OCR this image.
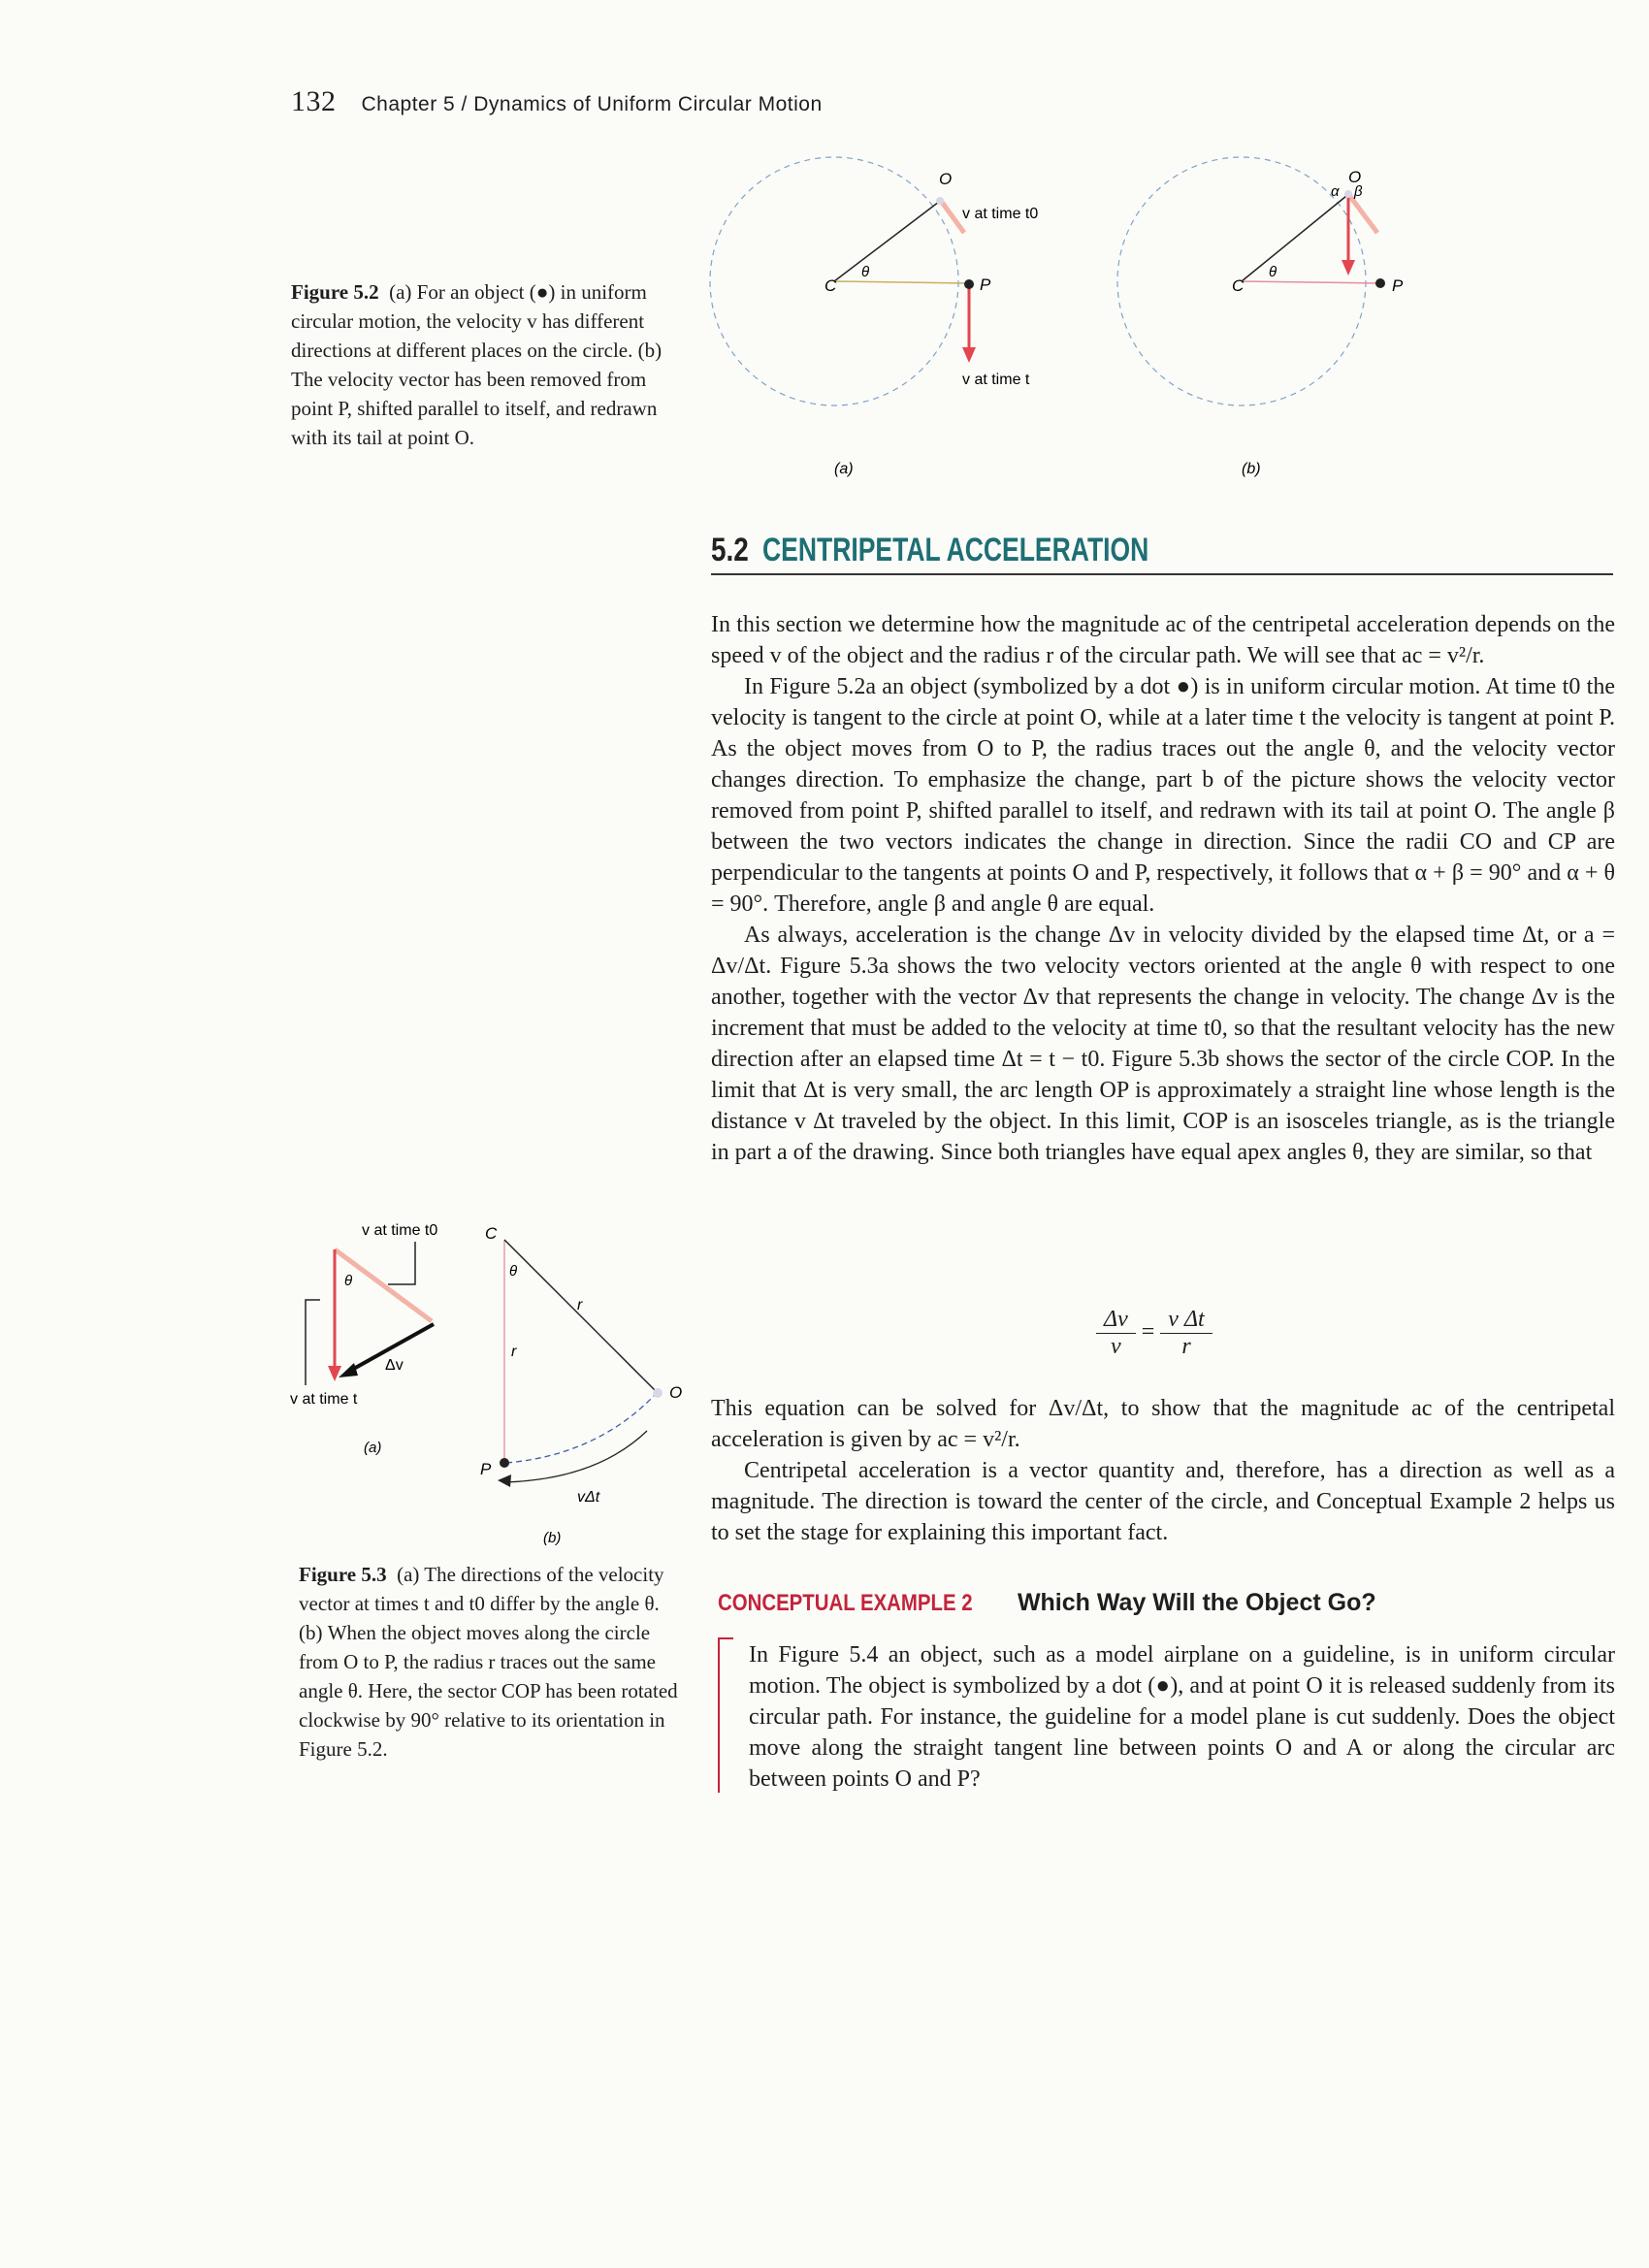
132 Chapter 5 / Dynamics of Uniform Circular Motion
Figure 5.2 (a) For an object (●) in uniform circular motion, the velocity v has different directions at different places on the circle. (b) The velocity vector has been removed from point P, shifted parallel to itself, and redrawn with its tail at point O.
O
P
C
θ
v at time t0
v at time t
(a)
O
P
C
θ
α β
(b)
5.2 CENTRIPETAL ACCELERATION

In this section we determine how the magnitude ac of the centripetal acceleration depends on the speed v of the object and the radius r of the circular path. We will see that ac = v²/r.

In Figure 5.2a an object (symbolized by a dot ●) is in uniform circular motion. At time t0 the velocity is tangent to the circle at point O, while at a later time t the velocity is tangent at point P. As the object moves from O to P, the radius traces out the angle θ, and the velocity vector changes direction. To emphasize the change, part b of the picture shows the velocity vector removed from point P, shifted parallel to itself, and redrawn with its tail at point O. The angle β between the two vectors indicates the change in direction. Since the radii CO and CP are perpendicular to the tangents at points O and P, respectively, it follows that α + β = 90° and α + θ = 90°. Therefore, angle β and angle θ are equal.

As always, acceleration is the change Δv in velocity divided by the elapsed time Δt, or a = Δv/Δt. Figure 5.3a shows the two velocity vectors oriented at the angle θ with respect to one another, together with the vector Δv that represents the change in velocity. The change Δv is the increment that must be added to the velocity at time t0, so that the resultant velocity has the new direction after an elapsed time Δt = t − t0. Figure 5.3b shows the sector of the circle COP. In the limit that Δt is very small, the arc length OP is approximately a straight line whose length is the distance v Δt traveled by the object. In this limit, COP is an isosceles triangle, as is the triangle in part a of the drawing. Since both triangles have equal apex angles θ, they are similar, so that

$\frac{\Delta v}{v} = \frac{\text{v Δt}}{r}$

This equation can be solved for Δv/Δt, to show that the magnitude ac of the centripetal acceleration is given by ac = v²/r.

Centripetal acceleration is a vector quantity and, therefore, has a direction as well as a magnitude. The direction is toward the center of the circle, and Conceptual Example 2 helps us to set the stage for explaining this important fact.

v at time t0
θ
Δv
v at time t
(a)
C
O
P
θ
r
r
vΔt
(b)
Figure 5.3 (a) The directions of the velocity vector at times t and t0 differ by the angle θ. (b) When the object moves along the circle from O to P, the radius r traces out the same angle θ. Here, the sector COP has been rotated clockwise by 90° relative to its orientation in Figure 5.2.
CONCEPTUAL EXAMPLE 2 Which Way Will the Object Go?
In Figure 5.4 an object, such as a model airplane on a guideline, is in uniform circular motion. The object is symbolized by a dot (●), and at point O it is released suddenly from its circular path. For instance, the guideline for a model plane is cut suddenly. Does the object move along the straight tangent line between points O and A or along the circular arc between points O and P?
